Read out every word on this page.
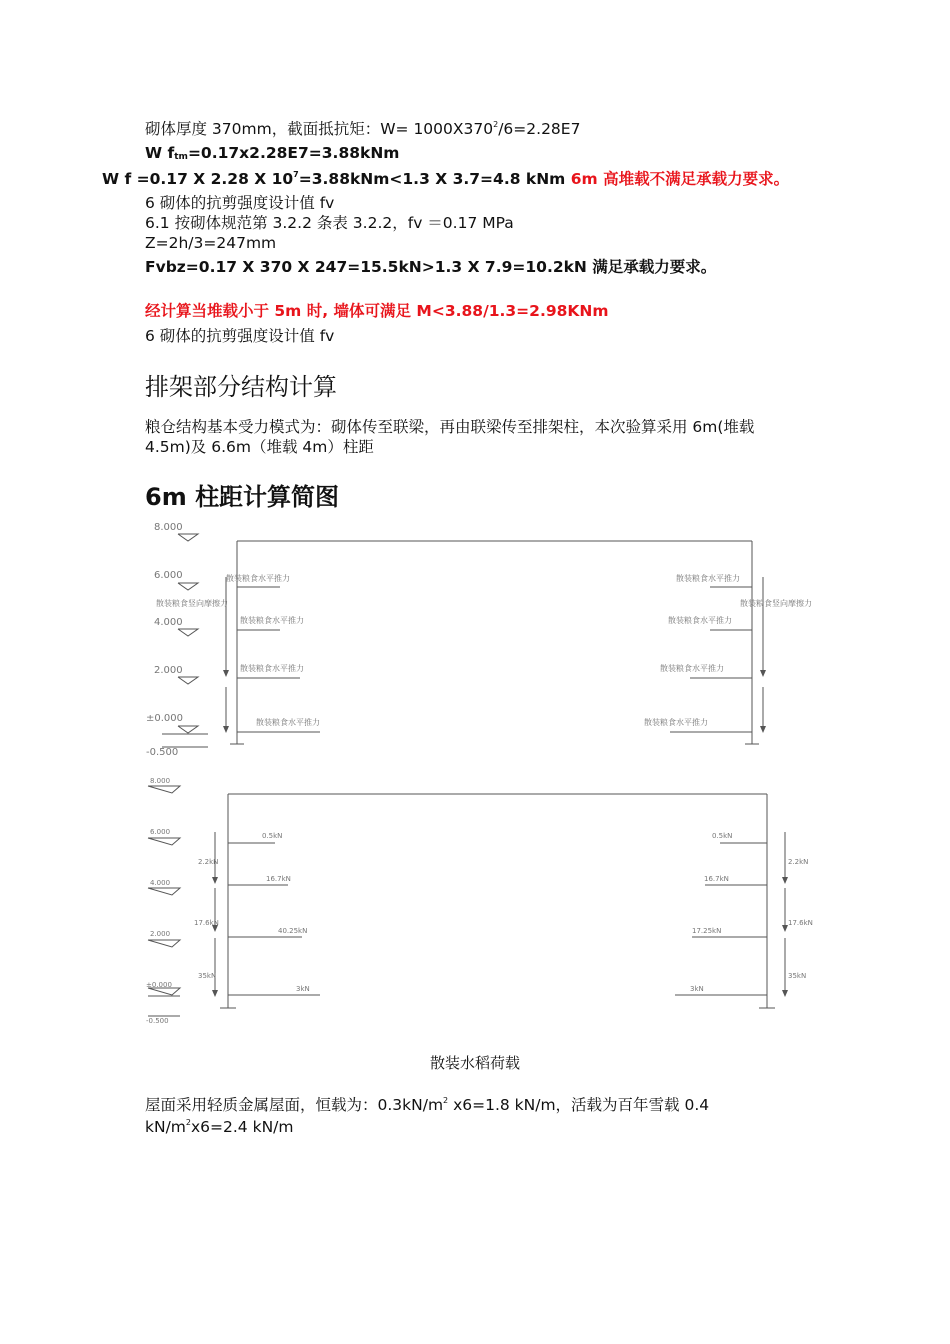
砌体厚度 370mm，截面抵抗矩：$W= 1000X370^2/6=2.28E7$
W $f_{tm}=0.17x2.28E7=3.88kNm$
W f =0.17 X 2.28 X $10^7=3.88kNm<1.3$ X 3.7=4.8 kNm 6m 高堆载不满足承载力要求。
6 砌体的抗剪强度设计值 fv
6.1 按砌体规范第 3.2.2 条表 3.2.2，fv ＝0.17 MPa
Z=2h/3=247mm
Fvbz=0.17 X 370 X 247=15.5kN>1.3 X 7.9=10.2kN 满足承载力要求。
经计算当堆载小于 5m 时, 墙体可满足 M<3.88/1.3=2.98KNm
6 砌体的抗剪强度设计值 fv
排架部分结构计算
粮仓结构基本受力模式为：砌体传至联梁，再由联梁传至排架柱，本次验算采用 6m(堆载
4.5m)及 6.6m（堆载 4m）柱距
6m 柱距计算简图
8.000
6.000
4.000
2.000
±0.000
-0.500
散装粮食水平推力
散装粮食竖向摩擦力
散装粮食水平推力
散装粮食水平推力
散装粮食水平推力
散装粮食水平推力
散装粮食竖向摩擦力
散装粮食水平推力
散装粮食水平推力
散装粮食水平推力
8.000
6.000
4.000
2.000
±0.000
-0.500
0.5kN
16.7kN
40.25kN
3kN
0.5kN
16.7kN
17.25kN
3kN
2.2kN
17.6kN
35kN
2.2kN
17.6kN
35kN
散装水稻荷载
屋面采用轻质金属屋面，恒载为：$0.3kN/m^2$ x6=1.8 kN/m，活载为百年雪载 0.4
$kN/m^2x6=2.4$ kN/m
